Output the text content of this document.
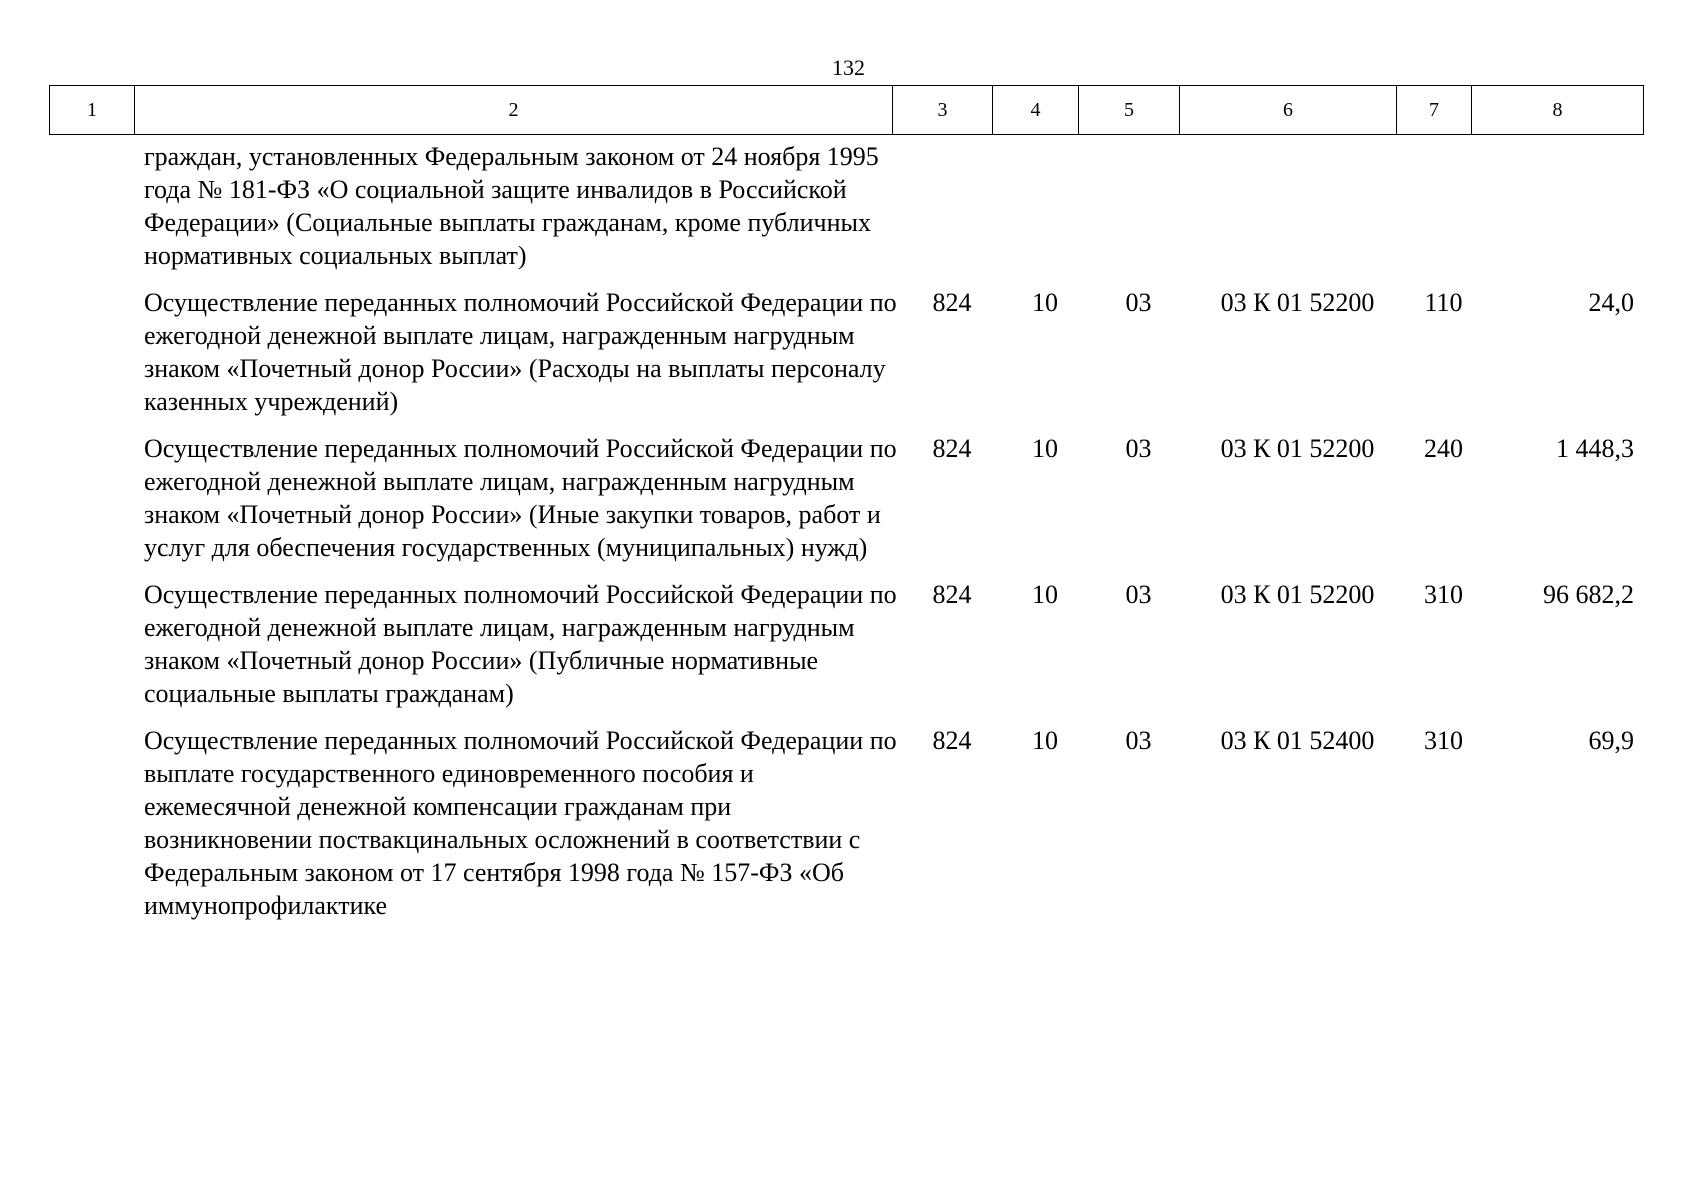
132
1	2	3	4	5	6	7	8
граждан, установленных Федеральным законом от 24 ноября 1995 года № 181-ФЗ «О социальной защите инвалидов в Российской Федерации» (Социальные выплаты гражданам, кроме публичных нормативных социальных выплат)
Осуществление переданных полномочий Российской Федерации по ежегодной денежной выплате лицам, награжденным нагрудным знаком «Почетный донор России» (Расходы на выплаты персоналу казенных учреждений)
824	10	03	03 К 01 52200	110	24,0
Осуществление переданных полномочий Российской Федерации по ежегодной денежной выплате лицам, награжденным нагрудным знаком «Почетный донор России» (Иные закупки товаров, работ и услуг для обеспечения государственных (муниципальных) нужд)
824	10	03	03 К 01 52200	240	1 448,3
Осуществление переданных полномочий Российской Федерации по ежегодной денежной выплате лицам, награжденным нагрудным знаком «Почетный донор России» (Публичные нормативные социальные выплаты гражданам)
824	10	03	03 К 01 52200	310	96 682,2
Осуществление переданных полномочий Российской Федерации по выплате государственного единовременного пособия и ежемесячной денежной компенсации гражданам при возникновении поствакцинальных осложнений в соответствии с Федеральным законом от 17 сентября 1998 года № 157-ФЗ «Об иммунопрофилактике
824	10	03	03 К 01 52400	310	69,9
